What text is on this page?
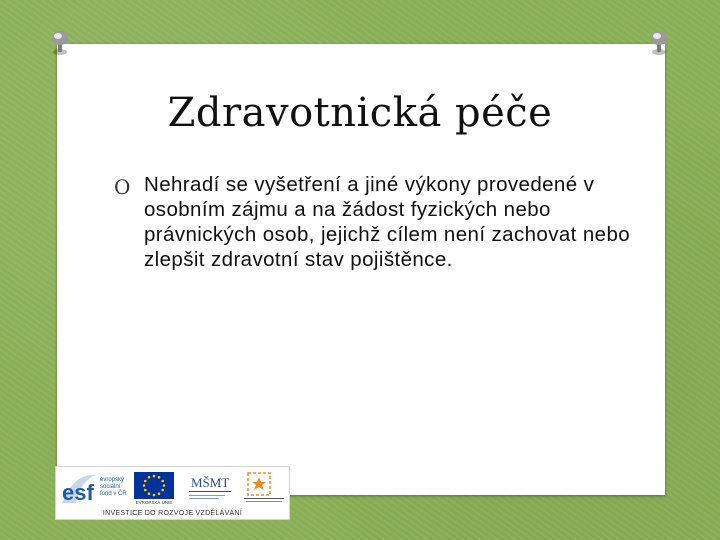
Zdravotnická péče
O Nehradí se vyšetření a jiné výkony provedené v osobním zájmu a na žádost fyzických nebo právnických osob, jejichž cílem není zachovat nebo zlepšit zdravotní stav pojištěnce.
esf evropský
sociální
fond v ČR
EVROPSKÁ UNIE
MŠMT
INVESTICE DO ROZVOJE VZDĚLÁVÁNÍ
